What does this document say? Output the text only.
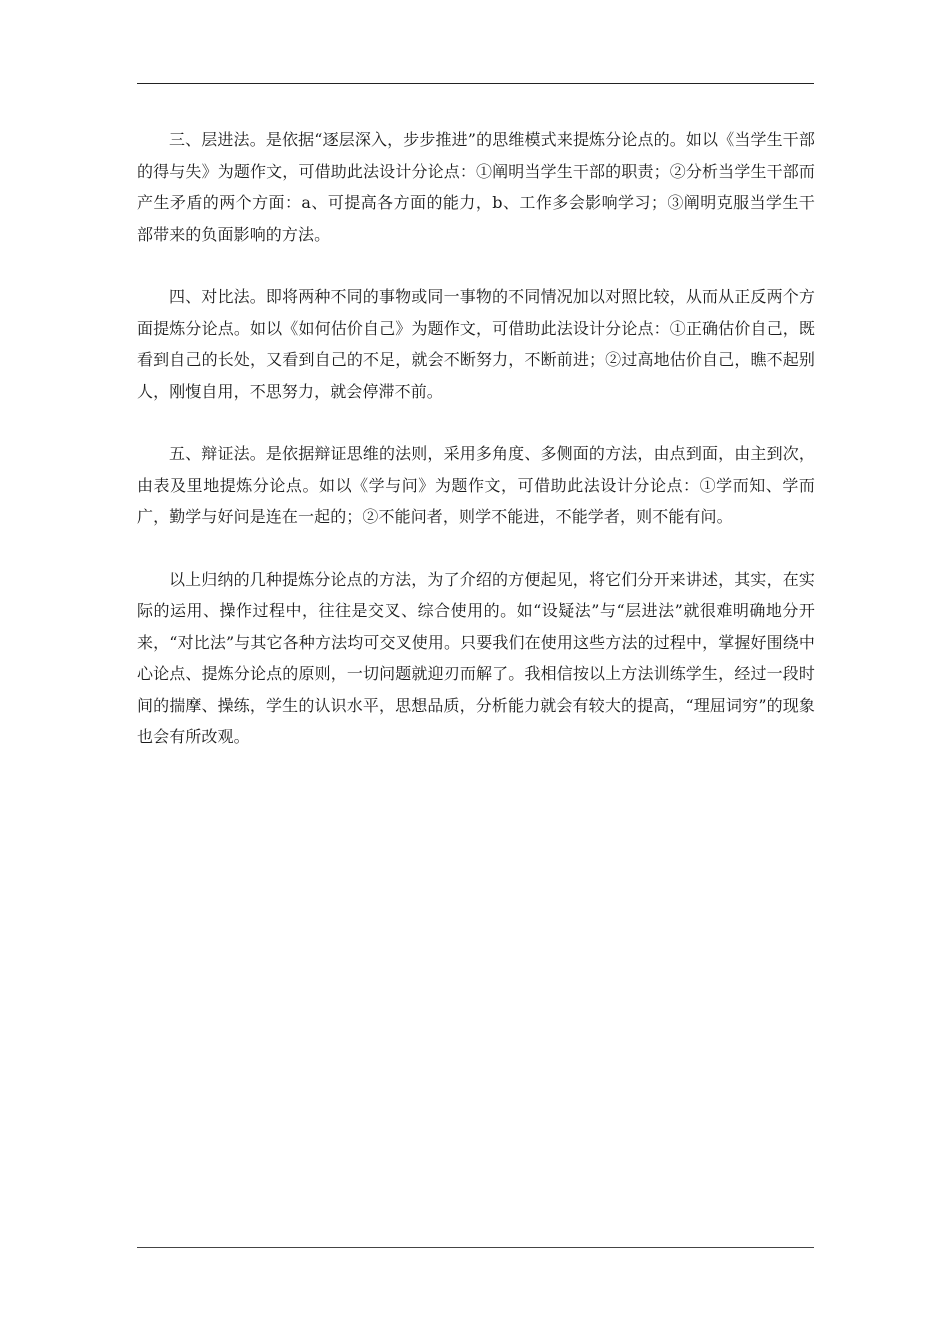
三、层进法。是依据“逐层深入，步步推进”的思维模式来提炼分论点的。如以《当学生干部的得与失》为题作文，可借助此法设计分论点：①阐明当学生干部的职责；②分析当学生干部而产生矛盾的两个方面：a、可提高各方面的能力，b、工作多会影响学习；③阐明克服当学生干部带来的负面影响的方法。

四、对比法。即将两种不同的事物或同一事物的不同情况加以对照比较，从而从正反两个方面提炼分论点。如以《如何估价自己》为题作文，可借助此法设计分论点：①正确估价自己，既看到自己的长处，又看到自己的不足，就会不断努力，不断前进；②过高地估价自己，瞧不起别人，刚愎自用，不思努力，就会停滞不前。

五、辩证法。是依据辩证思维的法则，采用多角度、多侧面的方法，由点到面，由主到次，由表及里地提炼分论点。如以《学与问》为题作文，可借助此法设计分论点：①学而知、学而广，勤学与好问是连在一起的；②不能问者，则学不能进，不能学者，则不能有问。

以上归纳的几种提炼分论点的方法，为了介绍的方便起见，将它们分开来讲述，其实，在实际的运用、操作过程中，往往是交叉、综合使用的。如“设疑法”与“层进法”就很难明确地分开来，“对比法”与其它各种方法均可交叉使用。只要我们在使用这些方法的过程中，掌握好围绕中心论点、提炼分论点的原则，一切问题就迎刃而解了。我相信按以上方法训练学生，经过一段时间的揣摩、操练，学生的认识水平，思想品质，分析能力就会有较大的提高，“理屈词穷”的现象也会有所改观。
